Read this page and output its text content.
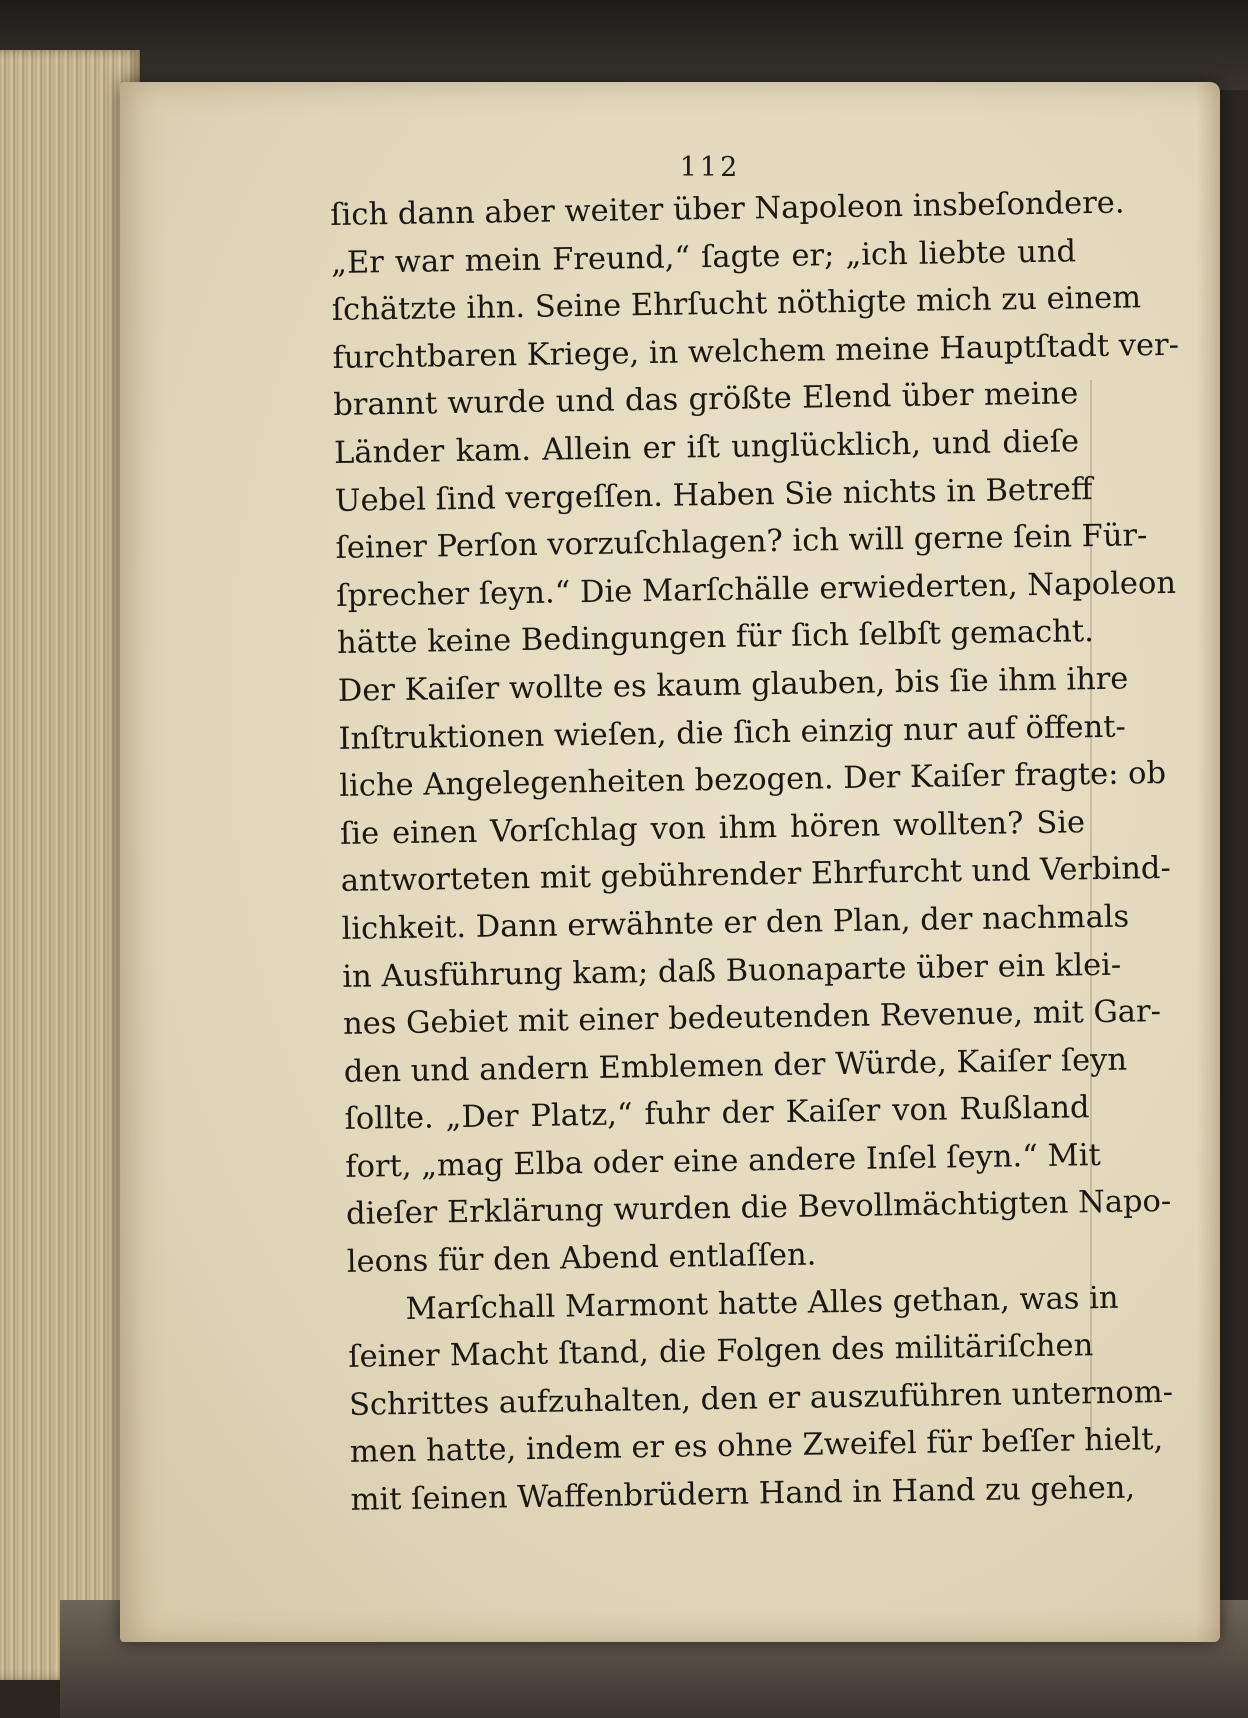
112
ſich dann aber weiter über Napoleon insbeſondere.
„Er war mein Freund,“ ſagte er; „ich liebte und
ſchätzte ihn. Seine Ehrſucht nöthigte mich zu einem
furchtbaren Kriege, in welchem meine Hauptſtadt ver-
brannt wurde und das größte Elend über meine
Länder kam. Allein er iſt unglücklich, und dieſe
Uebel ſind vergeſſen. Haben Sie nichts in Betreff
ſeiner Perſon vorzuſchlagen? ich will gerne ſein Für-
ſprecher ſeyn.“ Die Marſchälle erwiederten, Napoleon
hätte keine Bedingungen für ſich ſelbſt gemacht.
Der Kaiſer wollte es kaum glauben, bis ſie ihm ihre
Inſtruktionen wieſen, die ſich einzig nur auf öffent-
liche Angelegenheiten bezogen. Der Kaiſer fragte: ob
ſie einen Vorſchlag von ihm hören wollten? Sie
antworteten mit gebührender Ehrfurcht und Verbind-
lichkeit. Dann erwähnte er den Plan, der nachmals
in Ausführung kam; daß Buonaparte über ein klei-
nes Gebiet mit einer bedeutenden Revenue, mit Gar-
den und andern Emblemen der Würde, Kaiſer ſeyn
ſollte. „Der Platz,“ fuhr der Kaiſer von Rußland
fort, „mag Elba oder eine andere Inſel ſeyn.“ Mit
dieſer Erklärung wurden die Bevollmächtigten Napo-
leons für den Abend entlaſſen.
Marſchall Marmont hatte Alles gethan, was in
ſeiner Macht ſtand, die Folgen des militäriſchen
Schrittes aufzuhalten, den er auszuführen unternom-
men hatte, indem er es ohne Zweifel für beſſer hielt,
mit ſeinen Waffenbrüdern Hand in Hand zu gehen,
